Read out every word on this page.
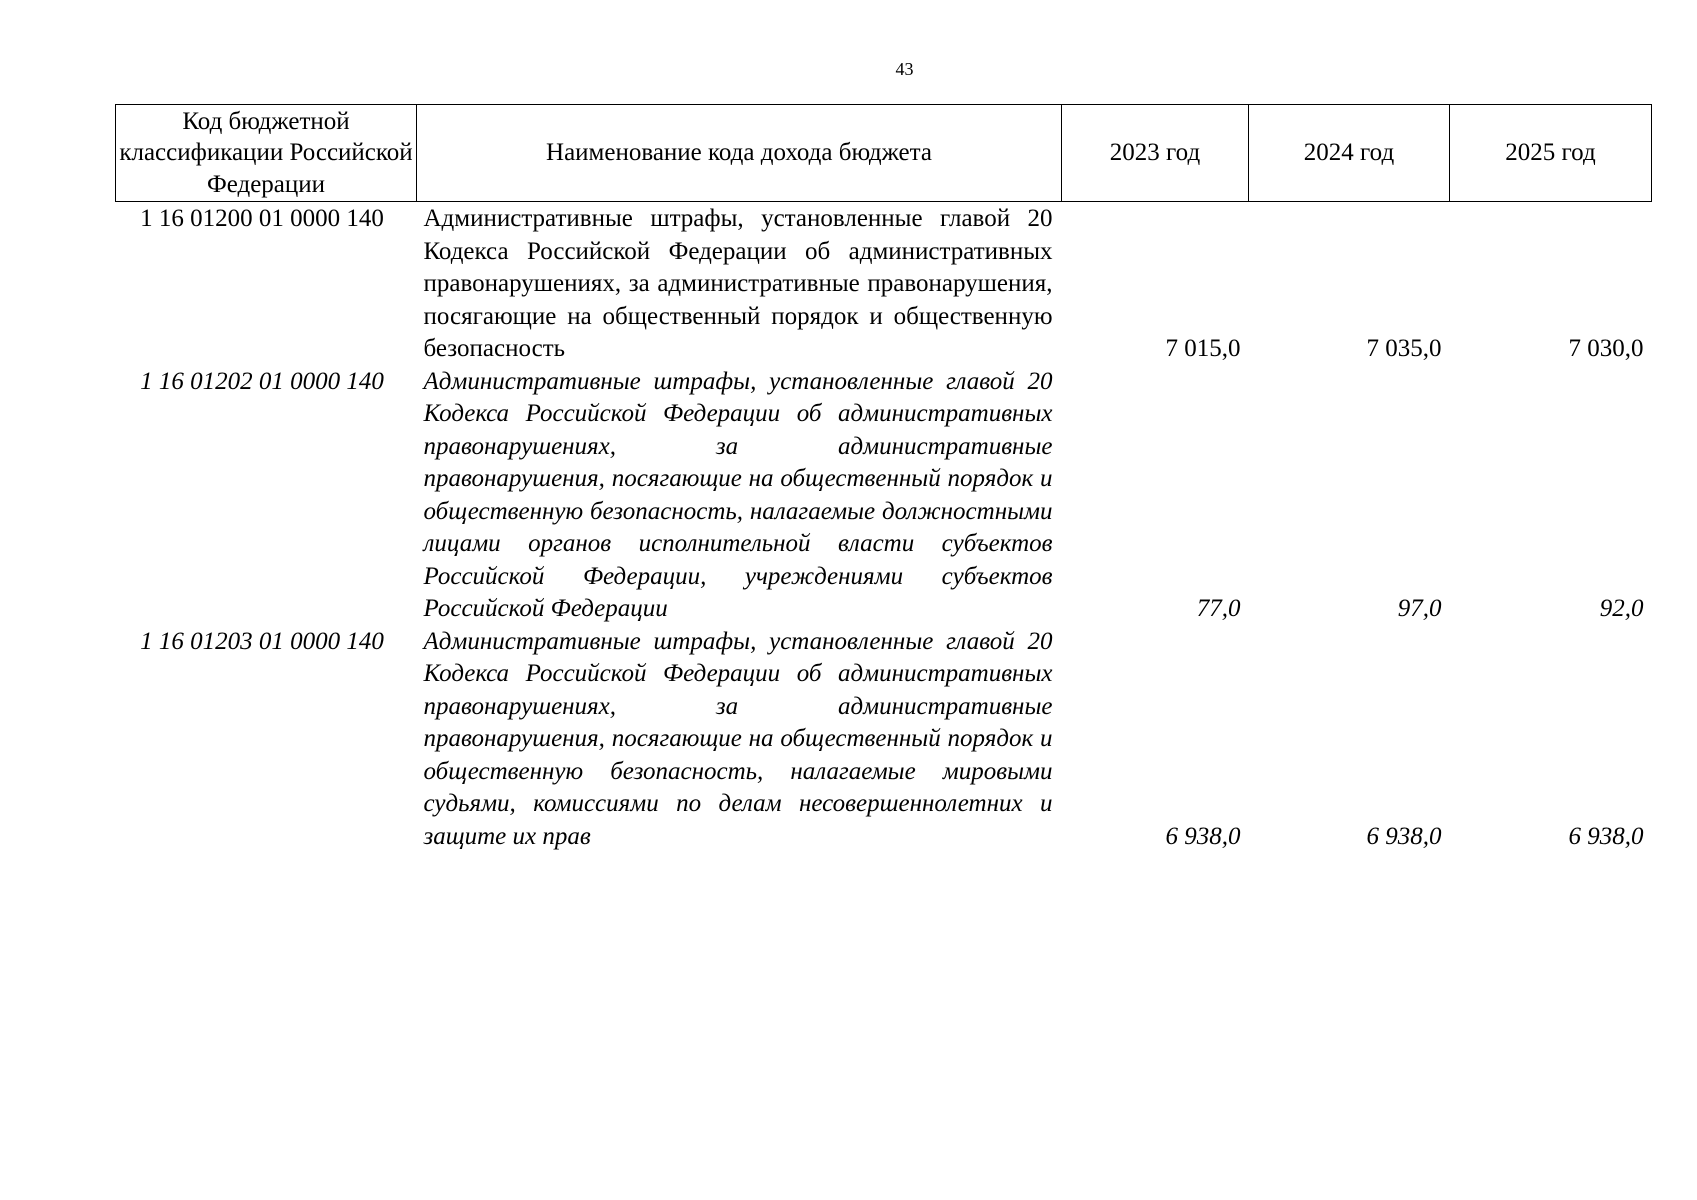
43
Код бюджетной классификации Российской Федерации	Наименование кода дохода бюджета	2023 год	2024 год	2025 год
1 16 01200 01 0000 140	Административные штрафы, установленные главой 20 Кодекса Российской Федерации об административных правонарушениях, за административные правонарушения, посягающие на общественный порядок и общественную безопасность	7 015,0	7 035,0	7 030,0
1 16 01202 01 0000 140	Административные штрафы, установленные главой 20 Кодекса Российской Федерации об административных правонарушениях, за административные правонарушения, посягающие на общественный порядок и общественную безопасность, налагаемые должностными лицами органов исполнительной власти субъектов Российской Федерации, учреждениями субъектов Российской Федерации	77,0	97,0	92,0
1 16 01203 01 0000 140	Административные штрафы, установленные главой 20 Кодекса Российской Федерации об административных правонарушениях, за административные правонарушения, посягающие на общественный порядок и общественную безопасность, налагаемые мировыми судьями, комиссиями по делам несовершеннолетних и защите их прав	6 938,0	6 938,0	6 938,0
